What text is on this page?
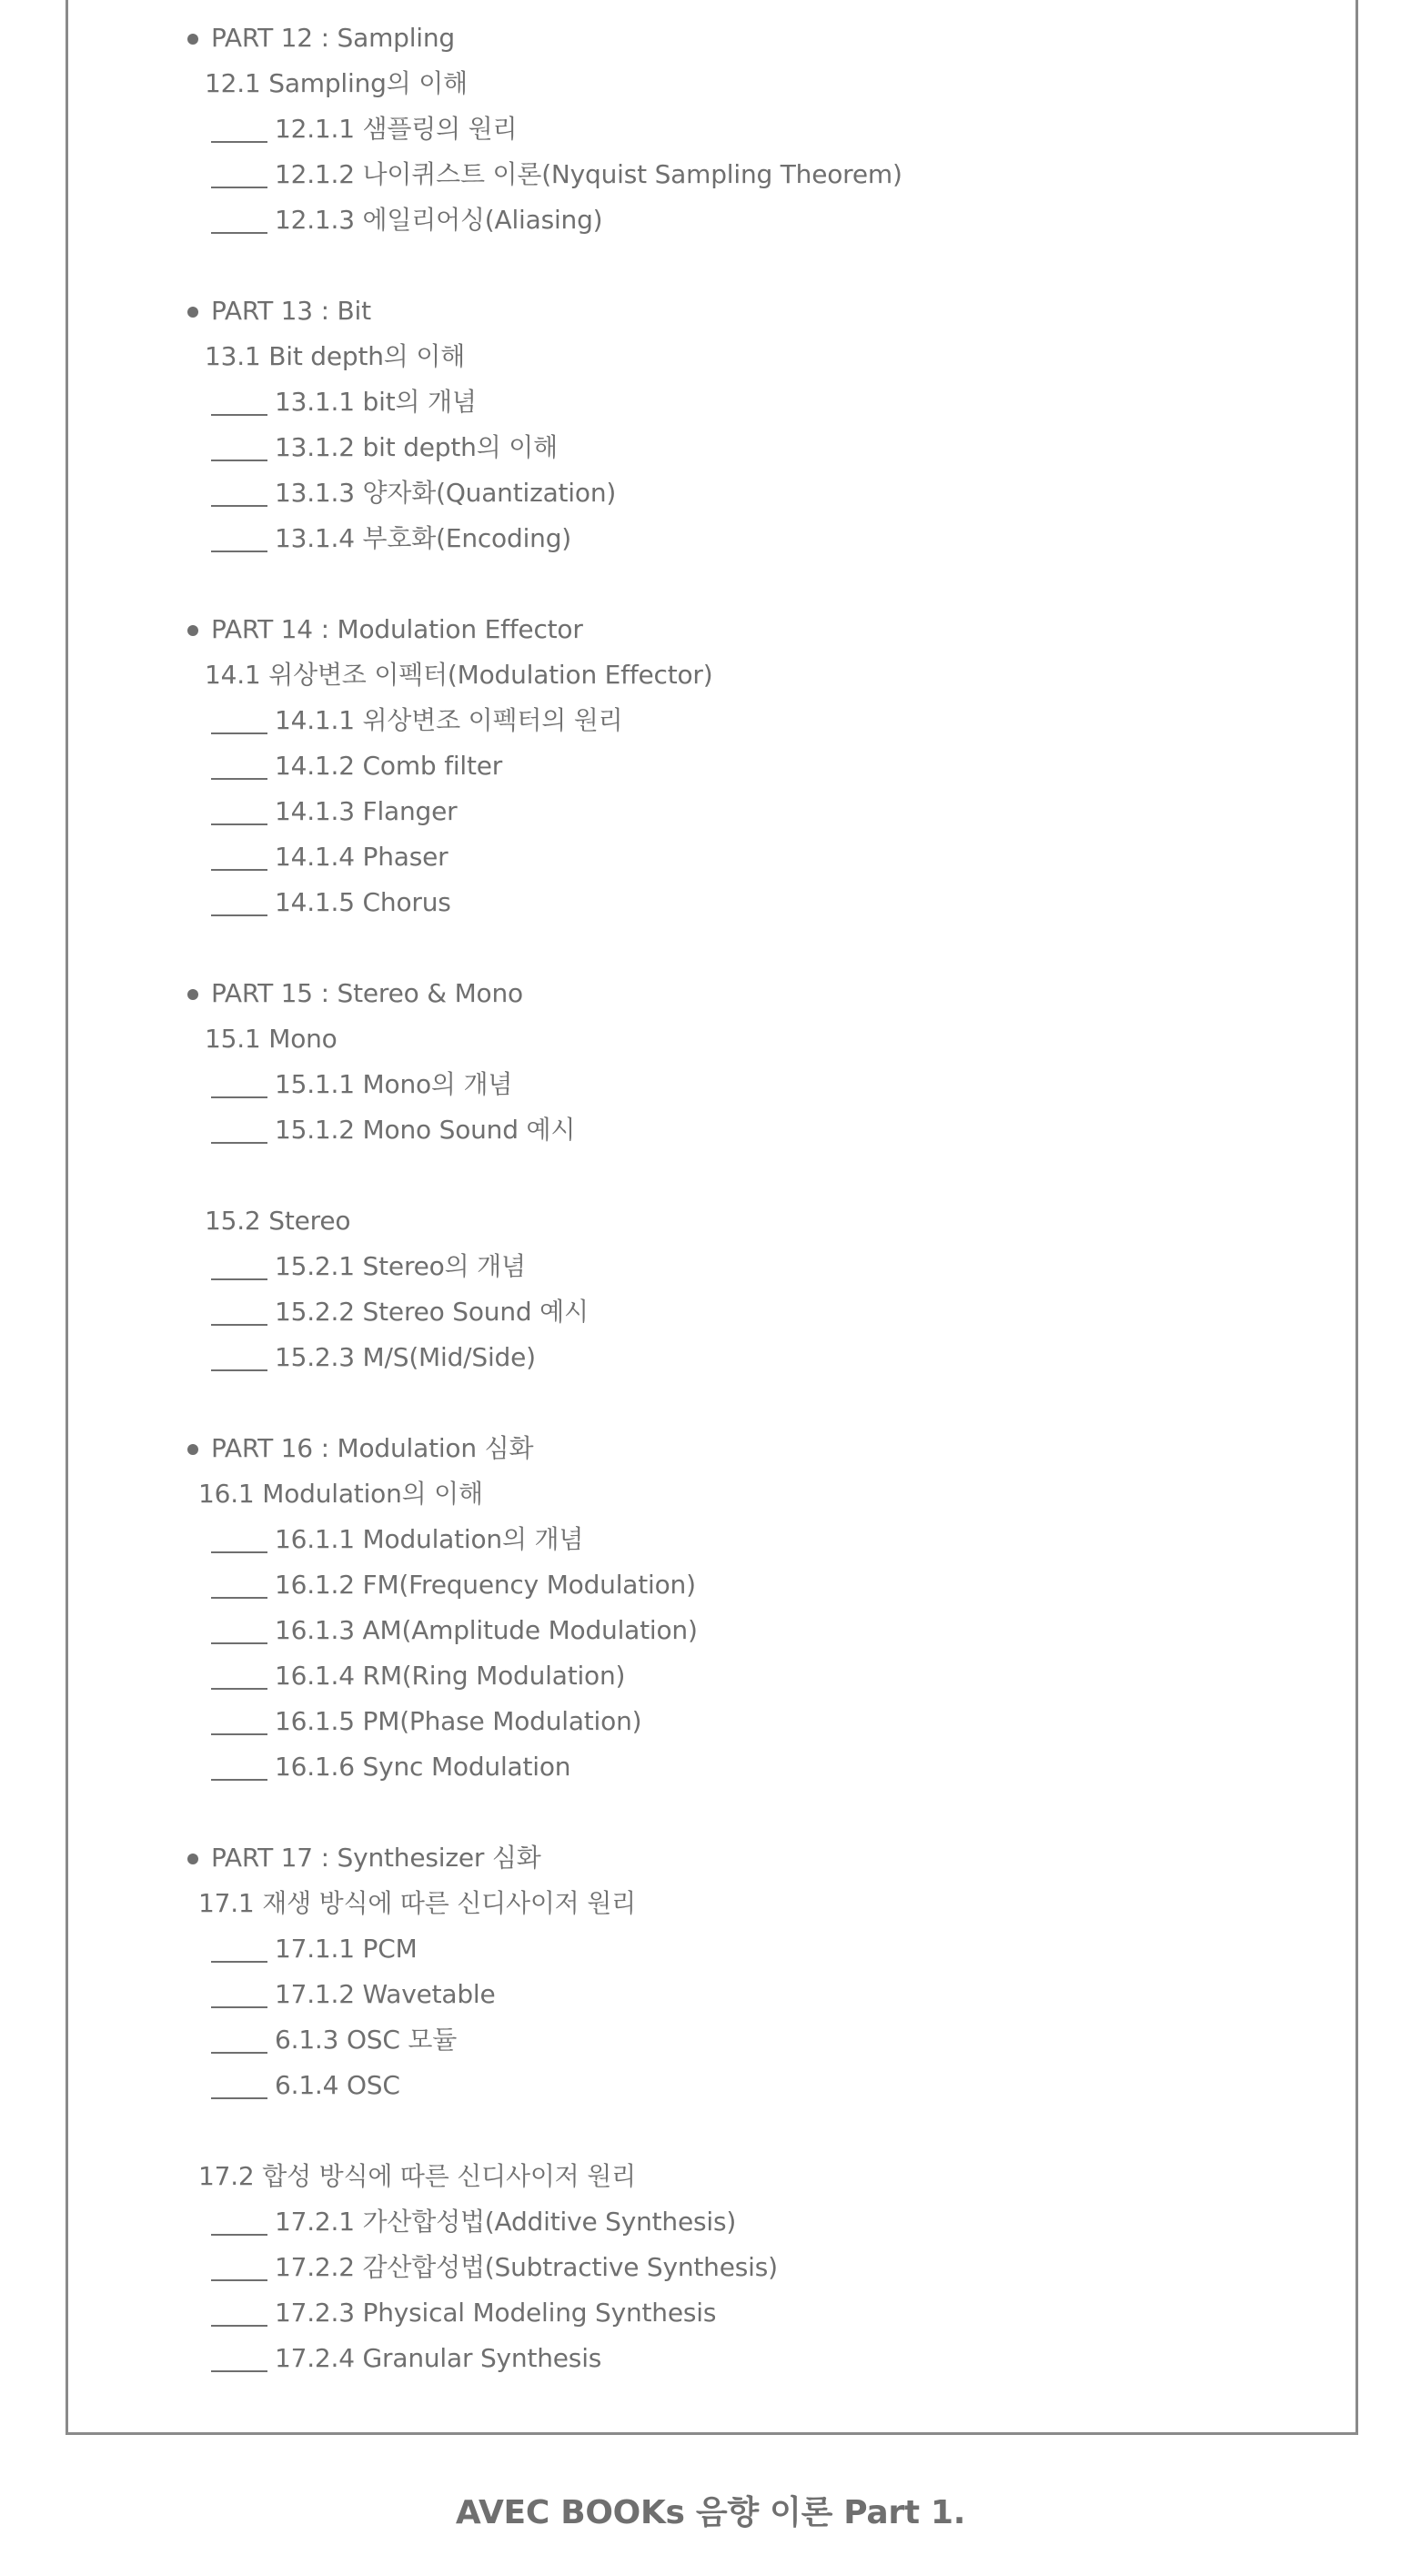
PART 12 : Sampling
12.1 Sampling의 이해
12.1.1 샘플링의 원리
12.1.2 나이퀴스트 이론(Nyquist Sampling Theorem)
12.1.3 에일리어싱(Aliasing)
PART 13 : Bit
13.1 Bit depth의 이해
13.1.1 bit의 개념
13.1.2 bit depth의 이해
13.1.3 양자화(Quantization)
13.1.4 부호화(Encoding)
PART 14 : Modulation Effector
14.1 위상변조 이펙터(Modulation Effector)
14.1.1 위상변조 이펙터의 원리
14.1.2 Comb filter
14.1.3 Flanger
14.1.4 Phaser
14.1.5 Chorus
PART 15 : Stereo & Mono
15.1 Mono
15.1.1 Mono의 개념
15.1.2 Mono Sound 예시
15.2 Stereo
15.2.1 Stereo의 개념
15.2.2 Stereo Sound 예시
15.2.3 M/S(Mid/Side)
PART 16 : Modulation 심화
16.1 Modulation의 이해
16.1.1 Modulation의 개념
16.1.2 FM(Frequency Modulation)
16.1.3 AM(Amplitude Modulation)
16.1.4 RM(Ring Modulation)
16.1.5 PM(Phase Modulation)
16.1.6 Sync Modulation
PART 17 : Synthesizer 심화
17.1 재생 방식에 따른 신디사이저 원리
17.1.1 PCM
17.1.2 Wavetable
6.1.3 OSC 모듈
6.1.4 OSC
17.2 합성 방식에 따른 신디사이저 원리
17.2.1 가산합성법(Additive Synthesis)
17.2.2 감산합성법(Subtractive Synthesis)
17.2.3 Physical Modeling Synthesis
17.2.4 Granular Synthesis
AVEC BOOKs 음향 이론 Part 1.
